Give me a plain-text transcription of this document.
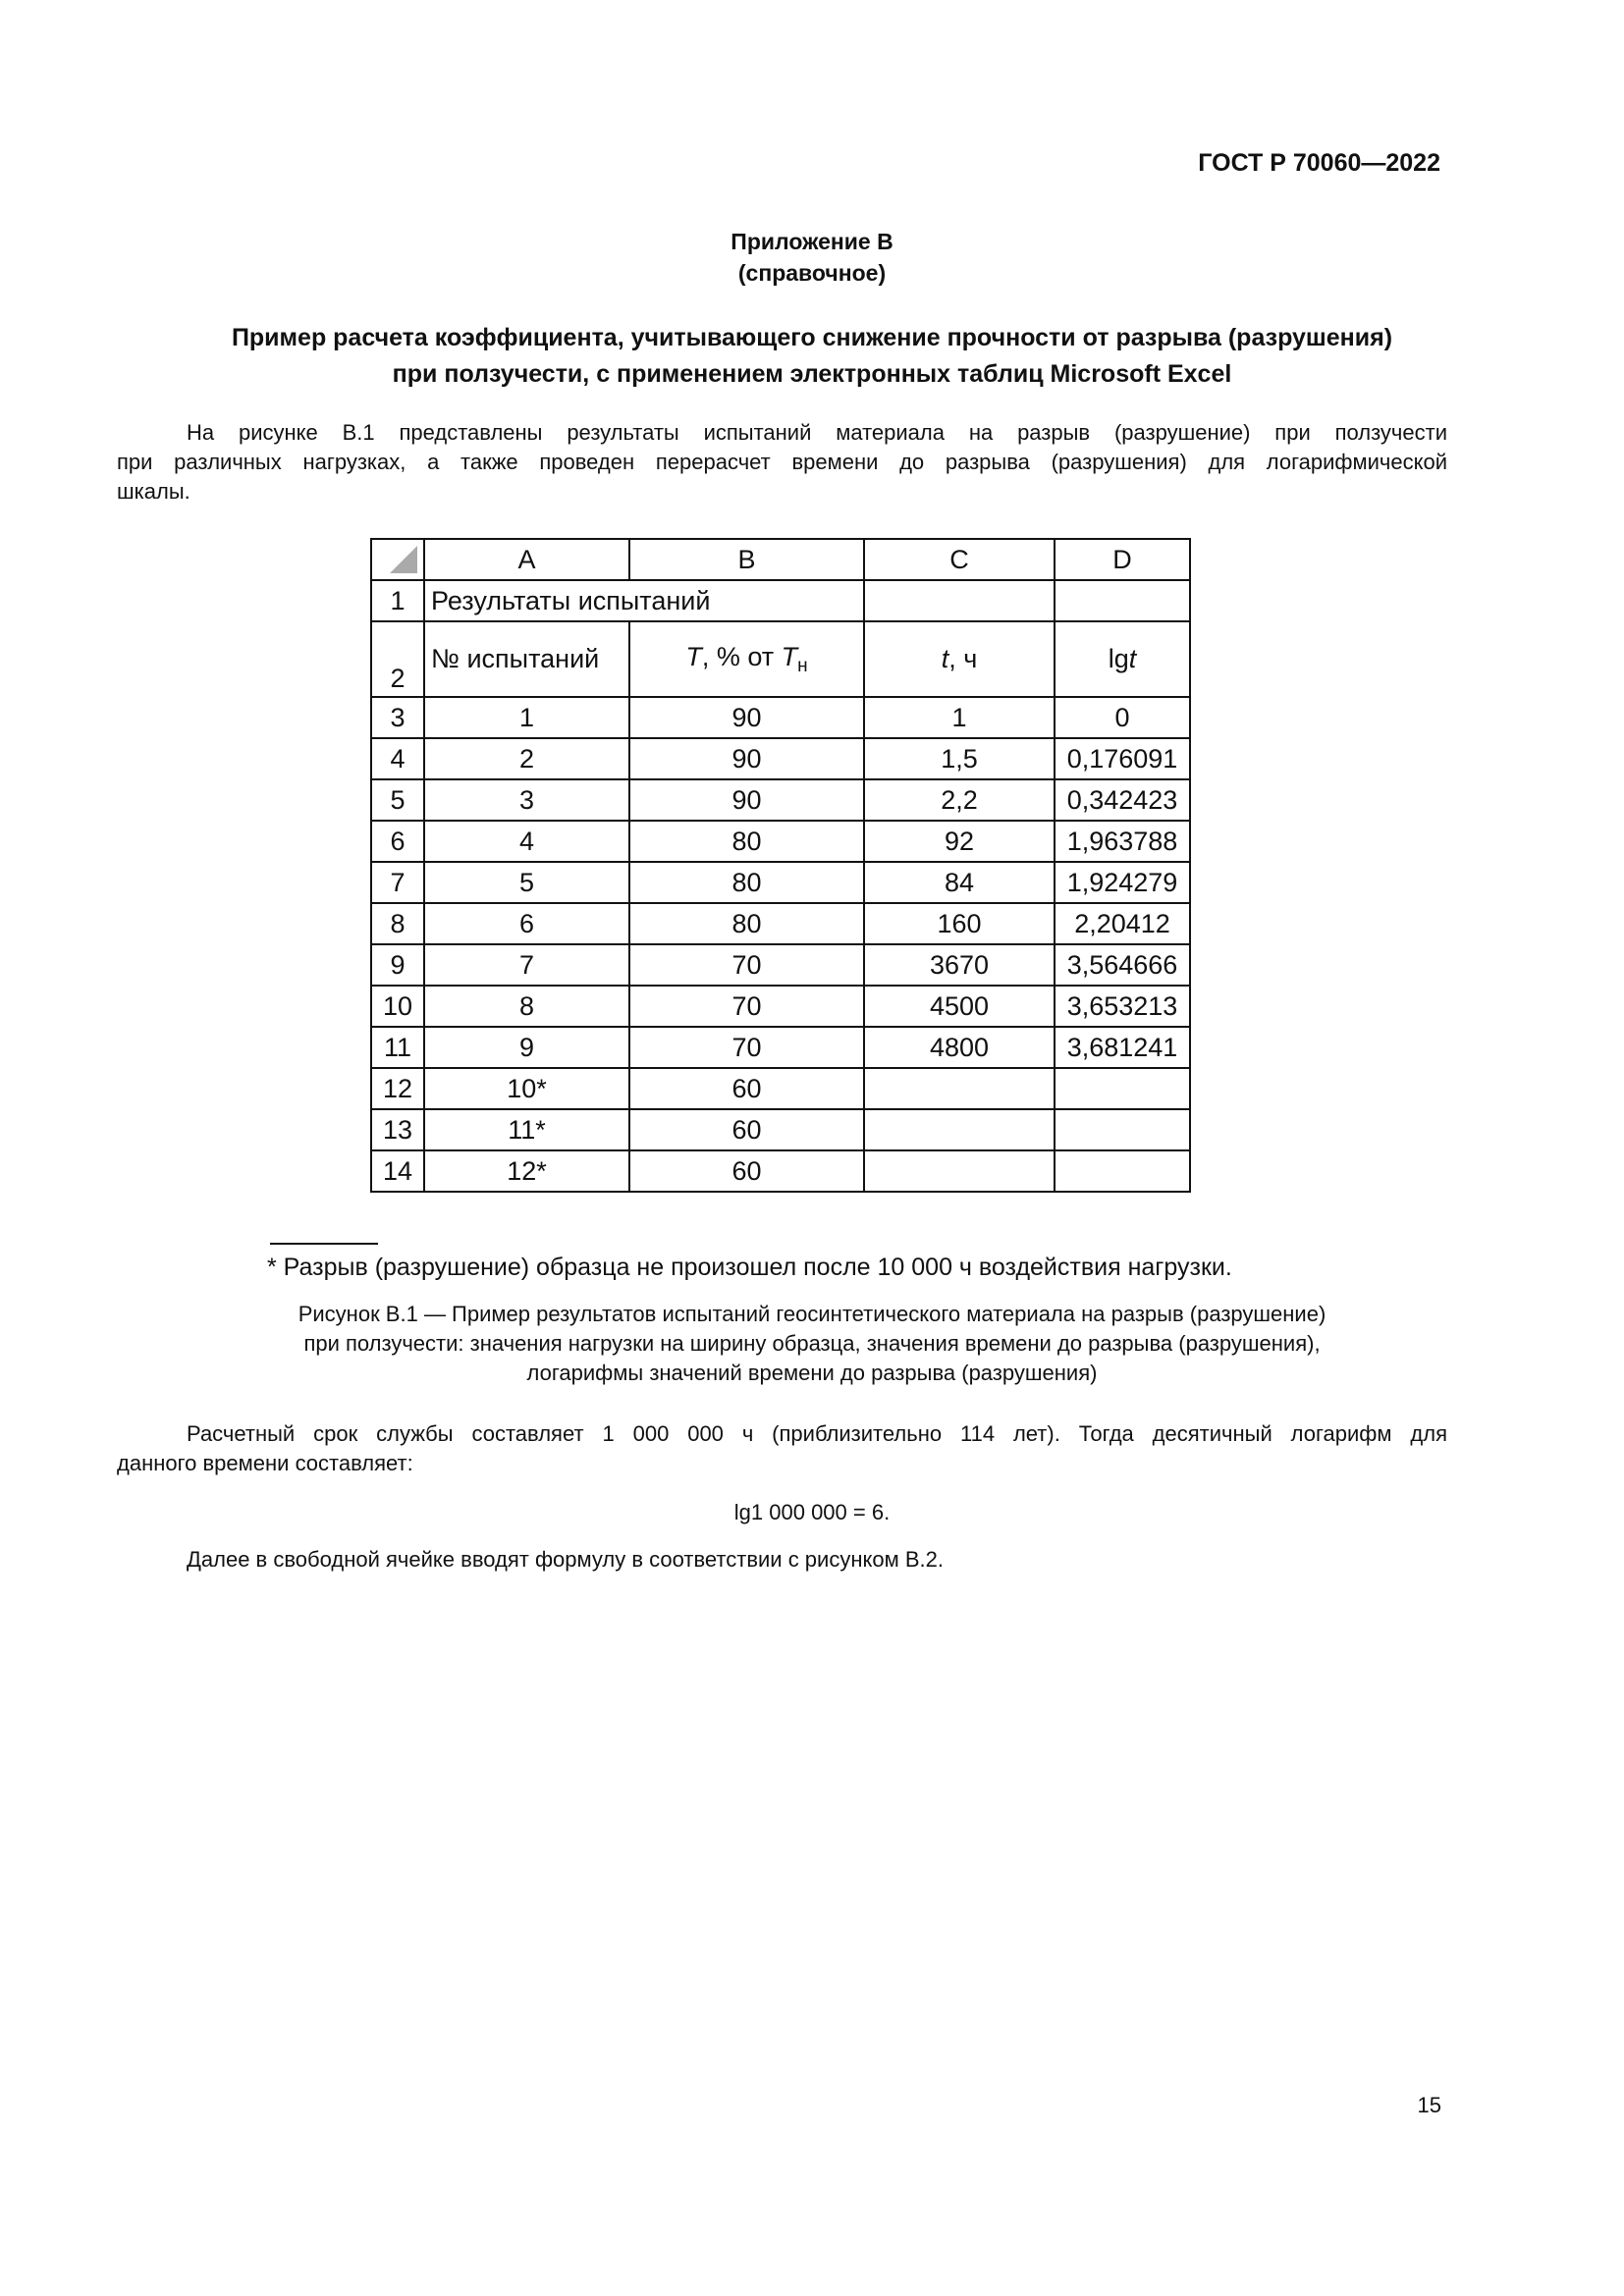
ГОСТ Р 70060—2022
Приложение В
(справочное)
Пример расчета коэффициента, учитывающего снижение прочности от разрыва (разрушения)
при ползучести, с применением электронных таблиц Microsoft Excel
На рисунке В.1 представлены результаты испытаний материала на разрыв (разрушение) при ползучести
при различных нагрузках, а также проведен перерасчет времени до разрыва (разрушения) для логарифмической
шкалы.
	A	B	C	D
1	Результаты испытаний			
2	№ испытаний	T, % от $T_н$	t, ч	lgt
3	1	90	1	0
4	2	90	1,5	0,176091
5	3	90	2,2	0,342423
6	4	80	92	1,963788
7	5	80	84	1,924279
8	6	80	160	2,20412
9	7	70	3670	3,564666
10	8	70	4500	3,653213
11	9	70	4800	3,681241
12	10*	60		
13	11*	60		
14	12*	60		
* Разрыв (разрушение) образца не произошел после 10 000 ч воздействия нагрузки.
Рисунок В.1 — Пример результатов испытаний геосинтетического материала на разрыв (разрушение)
при ползучести: значения нагрузки на ширину образца, значения времени до разрыва (разрушения),
логарифмы значений времени до разрыва (разрушения)
Расчетный срок службы составляет 1 000 000 ч (приблизительно 114 лет). Тогда десятичный логарифм для
данного времени составляет:
lg1 000 000 = 6.
Далее в свободной ячейке вводят формулу в соответствии с рисунком В.2.
15
